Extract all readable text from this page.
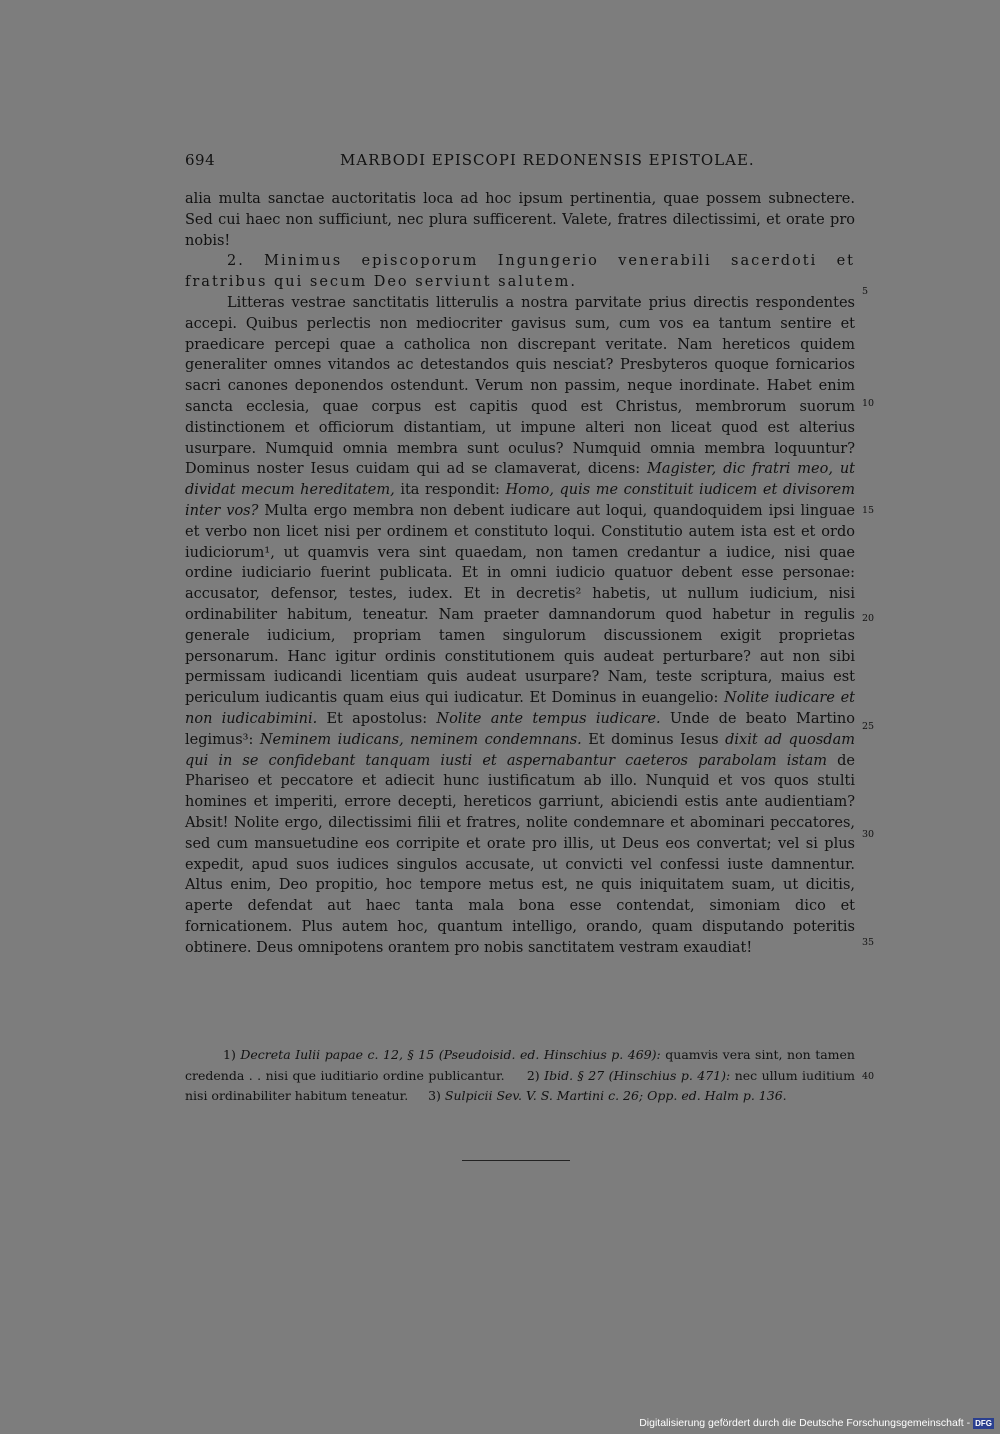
694	MARBODI EPISCOPI REDONENSIS EPISTOLAE.

alia multa sanctae auctoritatis loca ad hoc ipsum pertinentia, quae possem subnectere. Sed cui haec non sufficiunt, nec plura sufficerent. Valete, fratres dilectissimi, et orate pro nobis!

2. Minimus episcoporum Ingungerio venerabili sacerdoti et fratribus qui secum Deo serviunt salutem.

Litteras vestrae sanctitatis litterulis a nostra parvitate prius directis respondentes accepi. Quibus perlectis non mediocriter gavisus sum, cum vos ea tantum sentire et praedicare percepi quae a catholica non discrepant veritate. Nam hereticos quidem generaliter omnes vitandos ac detestandos quis nesciat? Presbyteros quoque fornicarios sacri canones deponendos ostendunt. Verum non passim, neque inordinate. Habet enim sancta ecclesia, quae corpus est capitis quod est Christus, membrorum suorum distinctionem et officiorum distantiam, ut impune alteri non liceat quod est alterius usurpare. Numquid omnia membra sunt oculus? Numquid omnia membra loquuntur? Dominus noster Iesus cuidam qui ad se clamaverat, dicens: Magister, dic fratri meo, ut dividat mecum hereditatem, ita respondit: Homo, quis me constituit iudicem et divisorem inter vos? Multa ergo membra non debent iudicare aut loqui, quandoquidem ipsi linguae et verbo non licet nisi per ordinem et constituto loqui. Constitutio autem ista est et ordo iudiciorum¹, ut quamvis vera sint quaedam, non tamen credantur a iudice, nisi quae ordine iudiciario fuerint publicata. Et in omni iudicio quatuor debent esse personae: accusator, defensor, testes, iudex. Et in decretis² habetis, ut nullum iudicium, nisi ordinabiliter habitum, teneatur. Nam praeter damnandorum quod habetur in regulis generale iudicium, propriam tamen singulorum discussionem exigit proprietas personarum. Hanc igitur ordinis constitutionem quis audeat perturbare? aut non sibi permissam iudicandi licentiam quis audeat usurpare? Nam, teste scriptura, maius est periculum iudicantis quam eius qui iudicatur. Et Dominus in euangelio: Nolite iudicare et non iudicabimini. Et apostolus: Nolite ante tempus iudicare. Unde de beato Martino legimus³: Neminem iudicans, neminem condemnans. Et dominus Iesus dixit ad quosdam qui in se confidebant tanquam iusti et aspernabantur caeteros parabolam istam de Phariseo et peccatore et adiecit hunc iustificatum ab illo. Nunquid et vos quos stulti homines et imperiti, errore decepti, hereticos garriunt, abiciendi estis ante audientiam? Absit! Nolite ergo, dilectissimi filii et fratres, nolite condemnare et abominari peccatores, sed cum mansuetudine eos corripite et orate pro illis, ut Deus eos convertat; vel si plus expedit, apud suos iudices singulos accusate, ut convicti vel confessi iuste damnentur. Altus enim, Deo propitio, hoc tempore metus est, ne quis iniquitatem suam, ut dicitis, aperte defendat aut haec tanta mala bona esse contendat, simoniam dico et fornicationem. Plus autem hoc, quantum intelligo, orando, quam disputando poteritis obtinere. Deus omnipotens orantem pro nobis sanctitatem vestram exaudiat!

5
10
15
20
25
30
35
40

1) Decreta Iulii papae c. 12, § 15 (Pseudoisid. ed. Hinschius p. 469): quamvis vera sint, non tamen credenda . . nisi que iuditiario ordine publicantur. 2) Ibid. § 27 (Hinschius p. 471): nec ullum iuditium nisi ordinabiliter habitum teneatur. 3) Sulpicii Sev. V. S. Martini c. 26; Opp. ed. Halm p. 136.

Digitalisierung gefördert durch die Deutsche Forschungsgemeinschaft - DFG
